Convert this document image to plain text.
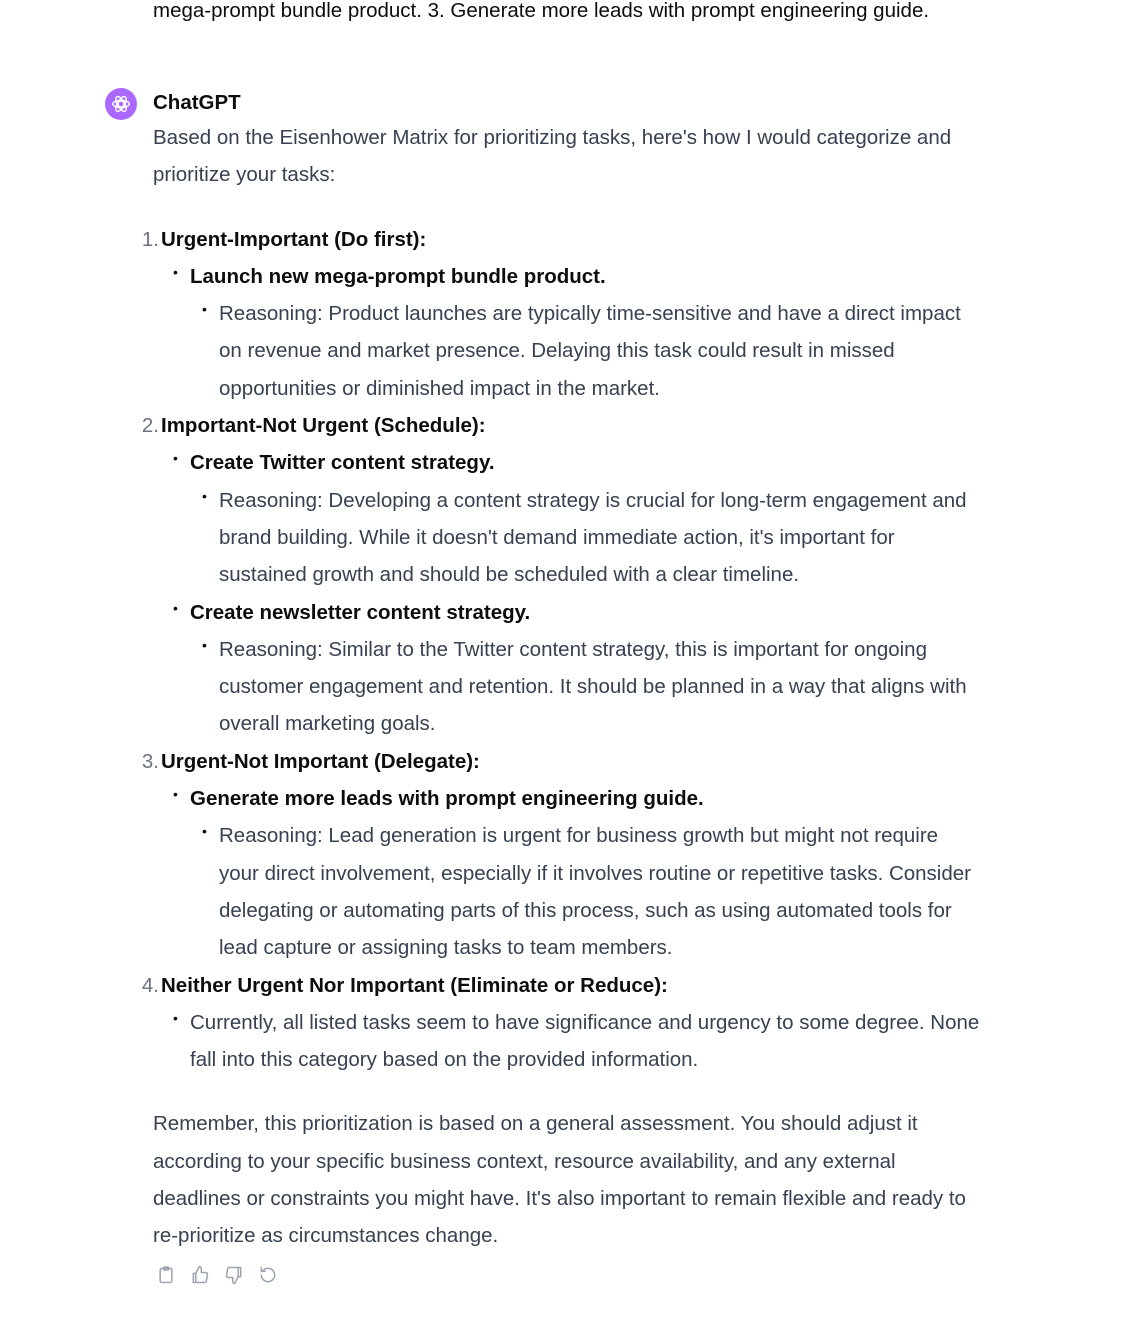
mega-prompt bundle product. 3. Generate more leads with prompt engineering guide.
ChatGPT

Based on the Eisenhower Matrix for prioritizing tasks, here's how I would categorize and prioritize your tasks:

1. Urgent-Important (Do first):
• Launch new mega-prompt bundle product.
• Reasoning: Product launches are typically time-sensitive and have a direct impact on revenue and market presence. Delaying this task could result in missed opportunities or diminished impact in the market.
2. Important-Not Urgent (Schedule):
• Create Twitter content strategy.
• Reasoning: Developing a content strategy is crucial for long-term engagement and brand building. While it doesn't demand immediate action, it's important for sustained growth and should be scheduled with a clear timeline.
• Create newsletter content strategy.
• Reasoning: Similar to the Twitter content strategy, this is important for ongoing customer engagement and retention. It should be planned in a way that aligns with overall marketing goals.
3. Urgent-Not Important (Delegate):
• Generate more leads with prompt engineering guide.
• Reasoning: Lead generation is urgent for business growth but might not require your direct involvement, especially if it involves routine or repetitive tasks. Consider delegating or automating parts of this process, such as using automated tools for lead capture or assigning tasks to team members.
4. Neither Urgent Nor Important (Eliminate or Reduce):
• Currently, all listed tasks seem to have significance and urgency to some degree. None fall into this category based on the provided information.

Remember, this prioritization is based on a general assessment. You should adjust it according to your specific business context, resource availability, and any external deadlines or constraints you might have. It's also important to remain flexible and ready to re-prioritize as circumstances change.
